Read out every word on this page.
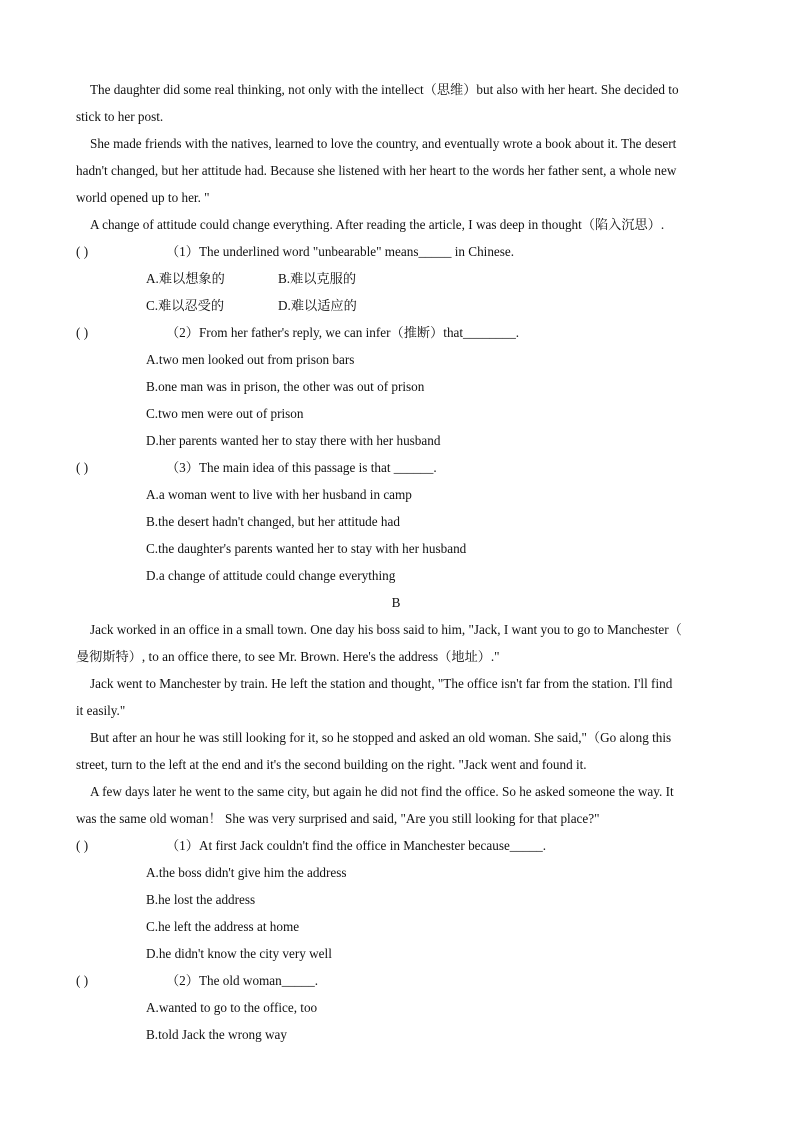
The daughter did some real thinking, not only with the intellect（思维）but also with her heart. She decided to
stick to her post.
She made friends with the natives, learned to love the country, and eventually wrote a book about it. The desert
hadn't changed, but her attitude had. Because she listened with her heart to the words her father sent, a whole new
world opened up to her. "
A change of attitude could change everything. After reading the article, I was deep in thought（陷入沉思）.
( )	（1）The underlined word "unbearable" means_____ in Chinese.
A.难以想象的	B.难以克服的
C.难以忍受的	D.难以适应的
( )	（2）From her father's reply, we can infer（推断）that________.
A.two men looked out from prison bars
B.one man was in prison, the other was out of prison
C.two men were out of prison
D.her parents wanted her to stay there with her husband
( )	（3）The main idea of this passage is that ______.
A.a woman went to live with her husband in camp
B.the desert hadn't changed, but her attitude had
C.the daughter's parents wanted her to stay with her husband
D.a change of attitude could change everything
B
Jack worked in an office in a small town. One day his boss said to him, "Jack, I want you to go to Manchester（
曼彻斯特）, to an office there, to see Mr. Brown. Here's the address（地址）."
Jack went to Manchester by train. He left the station and thought, "The office isn't far from the station. I'll find
it easily."
But after an hour he was still looking for it, so he stopped and asked an old woman. She said,"（Go along this
street, turn to the left at the end and it's the second building on the right. "Jack went and found it.
A few days later he went to the same city, but again he did not find the office. So he asked someone the way. It
was the same old woman！ She was very surprised and said, "Are you still looking for that place?"
( )	（1）At first Jack couldn't find the office in Manchester because_____.
A.the boss didn't give him the address
B.he lost the address
C.he left the address at home
D.he didn't know the city very well
( )	（2）The old woman_____.
A.wanted to go to the office, too
B.told Jack the wrong way
